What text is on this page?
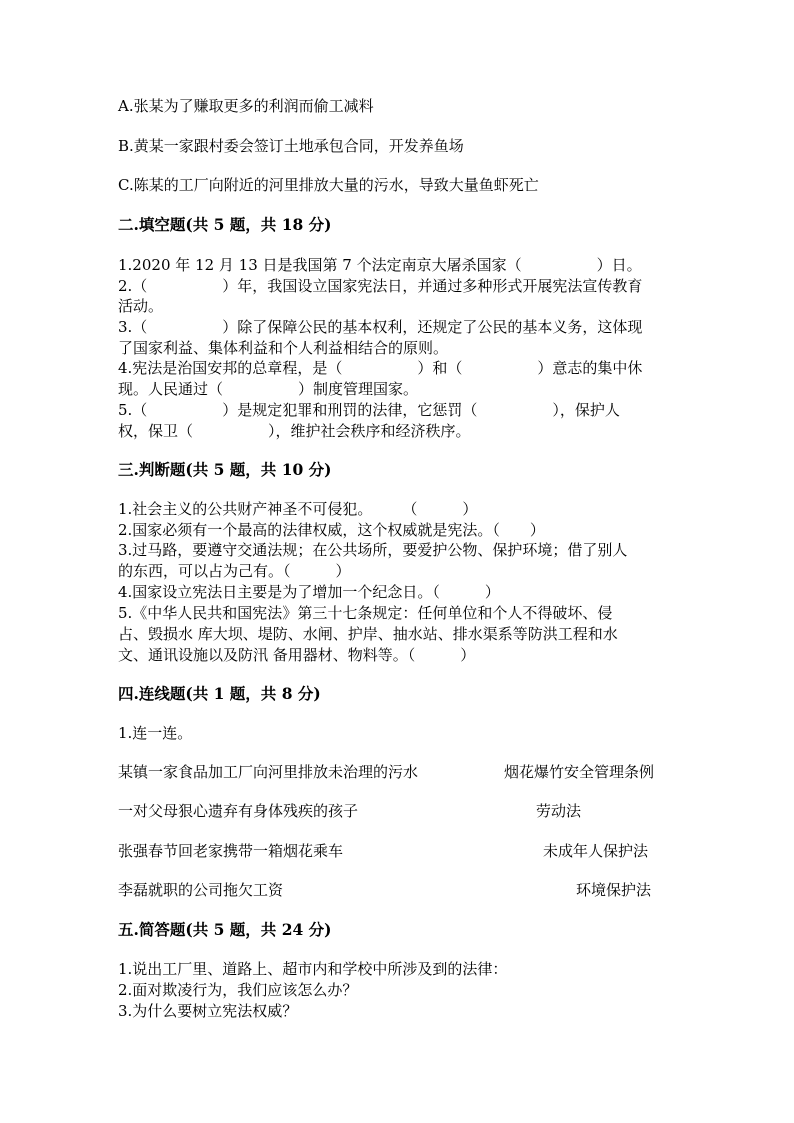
A.张某为了赚取更多的利润而偷工减料
B.黄某一家跟村委会签订土地承包合同，开发养鱼场
C.陈某的工厂向附近的河里排放大量的污水，导致大量鱼虾死亡
二.填空题(共 5 题，共 18 分)
1.2020 年 12 月 13 日是我国第 7 个法定南京大屠杀国家（　　　　　）日。
2.（　　　　　）年，我国设立国家宪法日，并通过多种形式开展宪法宣传教育
活动。
3.（　　　　　）除了保障公民的基本权利，还规定了公民的基本义务，这体现
了国家利益、集体利益和个人利益相结合的原则。
4.宪法是治国安邦的总章程，是（　　　　　）和（　　　　　）意志的集中休
现。人民通过（　　　　　）制度管理国家。
5.（　　　　　）是规定犯罪和刑罚的法律，它惩罚（　　　　　），保护人
权，保卫（　　　　　），维护社会秩序和经济秩序。
三.判断题(共 5 题，共 10 分)
1.社会主义的公共财产神圣不可侵犯。　　　（　　　）
2.国家必须有一个最高的法律权威，这个权威就是宪法。（　　）
3.过马路，要遵守交通法规；在公共场所，要爱护公物、保护环境；借了别人
的东西，可以占为己有。（　　　）
4.国家设立宪法日主要是为了增加一个纪念日。（　　　）
5.《中华人民共和国宪法》第三十七条规定：任何单位和个人不得破坏、侵
占、毁损水 库大坝、堤防、水闸、护岸、抽水站、排水渠系等防洪工程和水
文、通讯设施以及防汛 备用器材、物料等。（　　　）
四.连线题(共 1 题，共 8 分)
1.连一连。
某镇一家食品加工厂向河里排放未治理的污水	烟花爆竹安全管理条例
一对父母狠心遗弃有身体残疾的孩子	劳动法
张强春节回老家携带一箱烟花乘车	未成年人保护法
李磊就职的公司拖欠工资	环境保护法
五.简答题(共 5 题，共 24 分)
1.说出工厂里、道路上、超市内和学校中所涉及到的法律：
2.面对欺凌行为，我们应该怎么办？
3.为什么要树立宪法权威？
